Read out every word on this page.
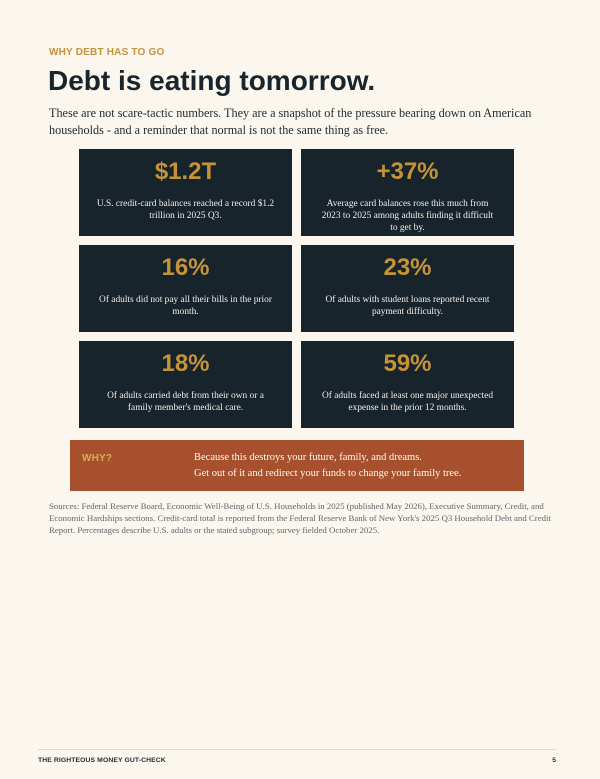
WHY DEBT HAS TO GO
Debt is eating tomorrow.

These are not scare-tactic numbers. They are a snapshot of the pressure bearing down on American households - and a reminder that normal is not the same thing as free.

$1.2T
U.S. credit-card balances reached a record $1.2 trillion in 2025 Q3.
+37%
Average card balances rose this much from 2023 to 2025 among adults finding it difficult to get by.
16%
Of adults did not pay all their bills in the prior month.
23%
Of adults with student loans reported recent payment difficulty.
18%
Of adults carried debt from their own or a family member's medical care.
59%
Of adults faced at least one major unexpected expense in the prior 12 months.
WHY?	Because this destroys your future, family, and dreams.
Get out of it and redirect your funds to change your family tree.

Sources: Federal Reserve Board, Economic Well-Being of U.S. Households in 2025 (published May 2026), Executive Summary, Credit, and Economic Hardships sections. Credit-card total is reported from the Federal Reserve Bank of New York's 2025 Q3 Household Debt and Credit Report. Percentages describe U.S. adults or the stated subgroup; survey fielded October 2025.

THE RIGHTEOUS MONEY GUT-CHECK	5
